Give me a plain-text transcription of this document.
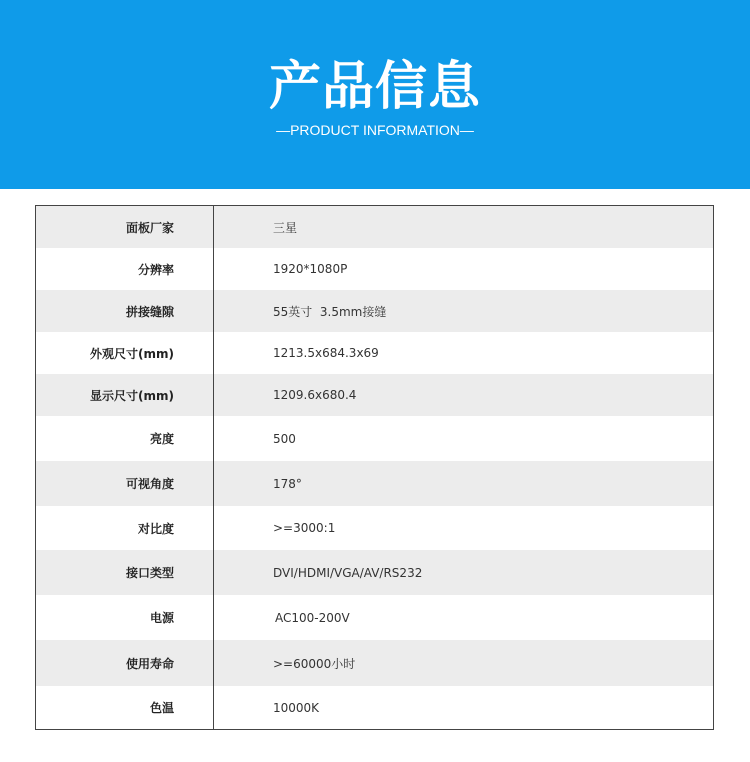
产品信息
—PRODUCT INFORMATION—
面板厂家	三星
分辨率	1920*1080P
拼接缝隙	55英寸  3.5mm接缝
外观尺寸(mm)	1213.5x684.3x69
显示尺寸(mm)	1209.6x680.4
亮度	500
可视角度	178°
对比度	>=3000:1
接口类型	DVI/HDMI/VGA/AV/RS232
电源	AC100-200V
使用寿命	>=60000小时
色温	10000K
